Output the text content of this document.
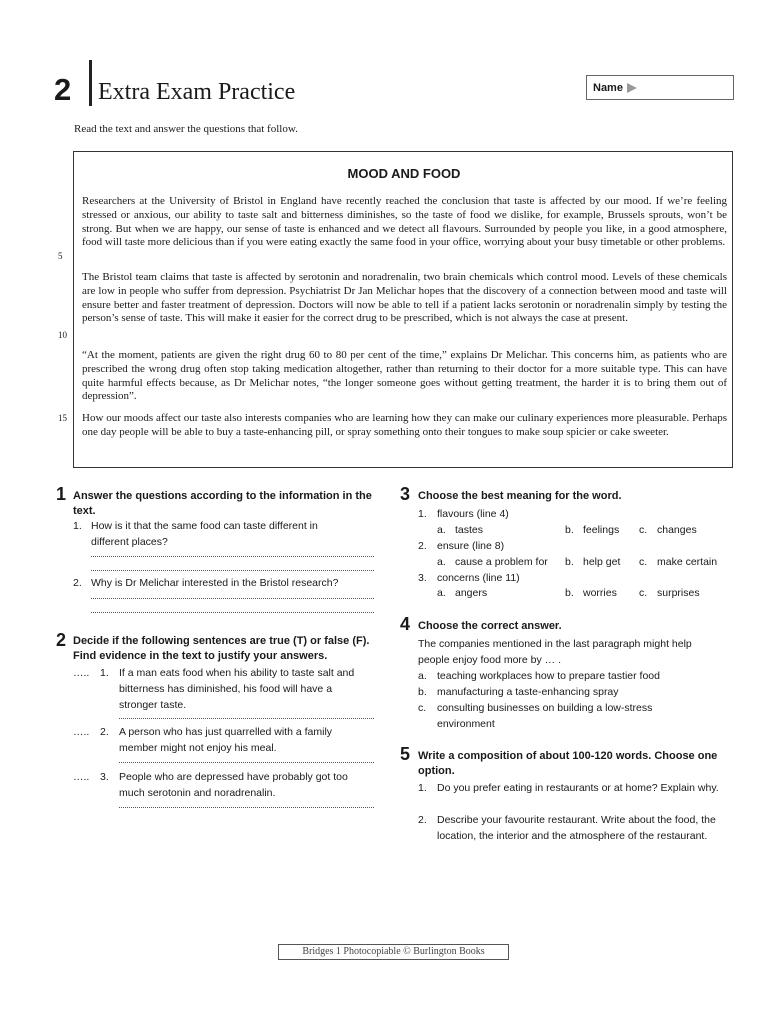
2 Extra Exam Practice	Name
Read the text and answer the questions that follow.
MOOD AND FOOD

Researchers at the University of Bristol in England have recently reached the conclusion that taste is affected by our mood. If we’re feeling stressed or anxious, our ability to taste salt and bitterness diminishes, so the taste of food we dislike, for example, Brussels sprouts, won’t be strong. But when we are happy, our sense of taste is enhanced and we detect all flavours. Surrounded by people you like, in a good atmosphere, food will taste more delicious than if you were eating exactly the same food in your office, worrying about your busy timetable or other problems.

The Bristol team claims that taste is affected by serotonin and noradrenalin, two brain chemicals which control mood. Levels of these chemicals are low in people who suffer from depression. Psychiatrist Dr Jan Melichar hopes that the discovery of a connection between mood and taste will ensure better and faster treatment of depression. Doctors will now be able to tell if a patient lacks serotonin or noradrenalin simply by testing the person’s sense of taste. This will make it easier for the correct drug to be prescribed, which is not always the case at present.

“At the moment, patients are given the right drug 60 to 80 per cent of the time,” explains Dr Melichar. This concerns him, as patients who are prescribed the wrong drug often stop taking medication altogether, rather than returning to their doctor for a more suitable type. This can have quite harmful effects because, as Dr Melichar notes, “the longer someone goes without getting treatment, the harder it is to bring them out of depression”.

How our moods affect our taste also interests companies who are learning how they can make our culinary experiences more pleasurable. Perhaps one day people will be able to buy a taste-enhancing pill, or spray something onto their tongues to make soup spicier or cake sweeter.

5
10
15
1 Answer the questions according to the information in the text.
1. How is it that the same food can taste different in different places?
2. Why is Dr Melichar interested in the Bristol research?
2 Decide if the following sentences are true (T) or false (F). Find evidence in the text to justify your answers.
….. 1. If a man eats food when his ability to taste salt and bitterness has diminished, his food will have a stronger taste.
….. 2. A person who has just quarrelled with a family member might not enjoy his meal.
….. 3. People who are depressed have probably got too much serotonin and noradrenalin.
3 Choose the best meaning for the word.
1. flavours (line 4)
a. tastes	b. feelings c. changes
2. ensure (line 8)
a. cause a problem for b. help get c. make certain
3. concerns (line 11)
a. angers	b. worries c. surprises
4 Choose the correct answer.
The companies mentioned in the last paragraph might help people enjoy food more by … .
a. teaching workplaces how to prepare tastier food
b. manufacturing a taste-enhancing spray
c. consulting businesses on building a low-stress environment
5 Write a composition of about 100-120 words. Choose one option.
1. Do you prefer eating in restaurants or at home? Explain why.
2. Describe your favourite restaurant. Write about the food, the location, the interior and the atmosphere of the restaurant.
Bridges 1 Photocopiable © Burlington Books
